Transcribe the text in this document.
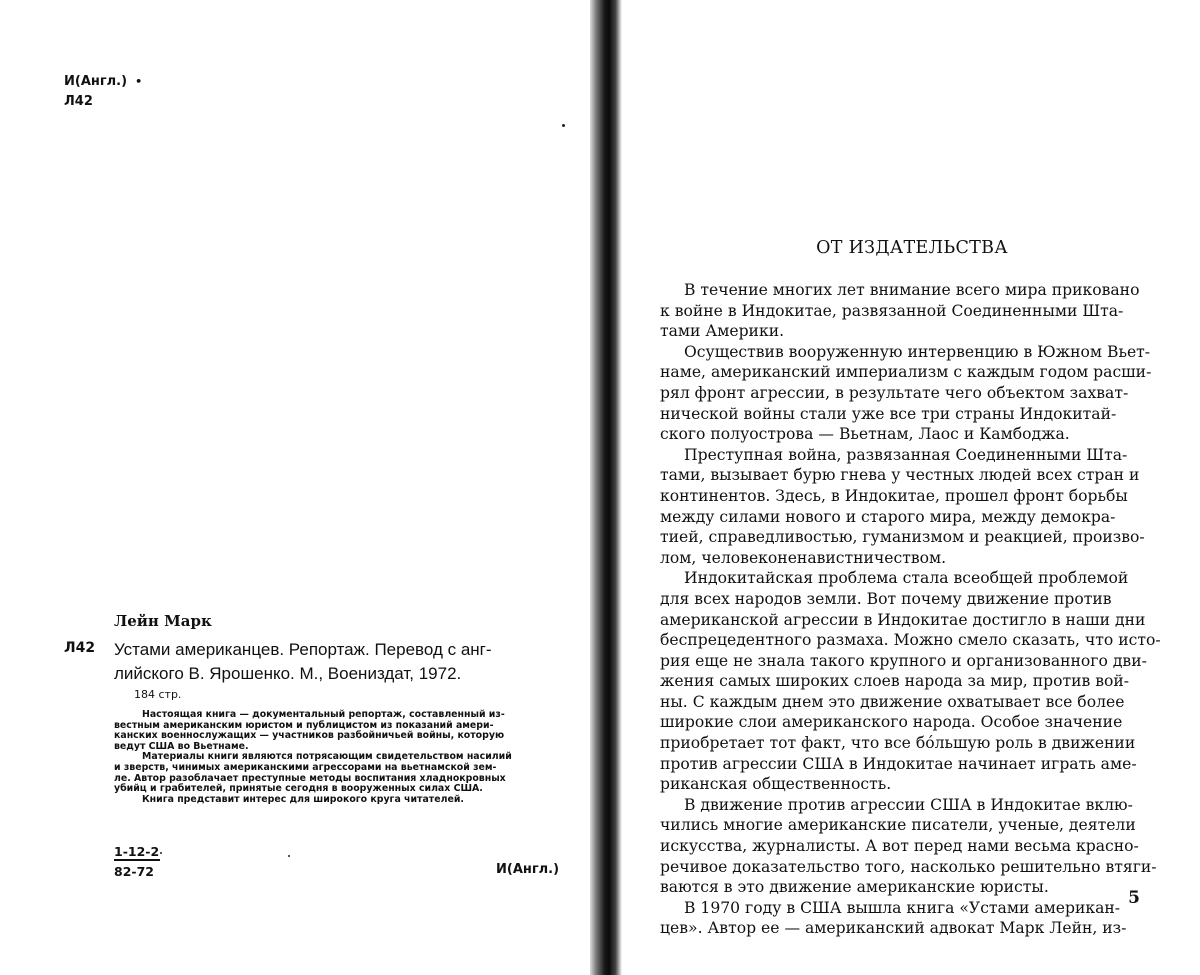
И(Англ.) •
Л42
Лейн Марк
Л42 Устами американцев. Репортаж. Перевод с анг-
лийского В. Ярошенко. М., Воениздат, 1972.
184 стр.
Настоящая книга — документальный репортаж, составленный из-
вестным американским юристом и публицистом из показаний амери-
канских военнослужащих — участников разбойничьей войны, которую
ведут США во Вьетнаме.
Материалы книги являются потрясающим свидетельством насилий
и зверств, чинимых американскими агрессорами на вьетнамской зем-
ле. Автор разоблачает преступные методы воспитания хладнокровных
убийц и грабителей, принятые сегодня в вооруженных силах США.
Книга представит интерес для широкого круга читателей.
1-12-2
82-72	И(Англ.)
ОТ ИЗДАТЕЛЬСТВА
В течение многих лет внимание всего мира приковано
к войне в Индокитае, развязанной Соединенными Шта-
тами Америки.
Осуществив вооруженную интервенцию в Южном Вьет-
наме, американский империализм с каждым годом расши-
рял фронт агрессии, в результате чего объектом захват-
нической войны стали уже все три страны Индокитай-
ского полуострова — Вьетнам, Лаос и Камбоджа.
Преступная война, развязанная Соединенными Шта-
тами, вызывает бурю гнева у честных людей всех стран и
континентов. Здесь, в Индокитае, прошел фронт борьбы
между силами нового и старого мира, между демокра-
тией, справедливостью, гуманизмом и реакцией, произво-
лом, человеконенавистничеством.
Индокитайская проблема стала всеобщей проблемой
для всех народов земли. Вот почему движение против
американской агрессии в Индокитае достигло в наши дни
беспрецедентного размаха. Можно смело сказать, что исто-
рия еще не знала такого крупного и организованного дви-
жения самых широких слоев народа за мир, против вой-
ны. С каждым днем это движение охватывает все более
широкие слои американского народа. Особое значение
приобретает тот факт, что все бóльшую роль в движении
против агрессии США в Индокитае начинает играть аме-
риканская общественность.
В движение против агрессии США в Индокитае вклю-
чились многие американские писатели, ученые, деятели
искусства, журналисты. А вот перед нами весьма красно-
речивое доказательство того, насколько решительно втяги-
ваются в это движение американские юристы.
В 1970 году в США вышла книга «Устами американ-
цев». Автор ее — американский адвокат Марк Лейн, из-
5
